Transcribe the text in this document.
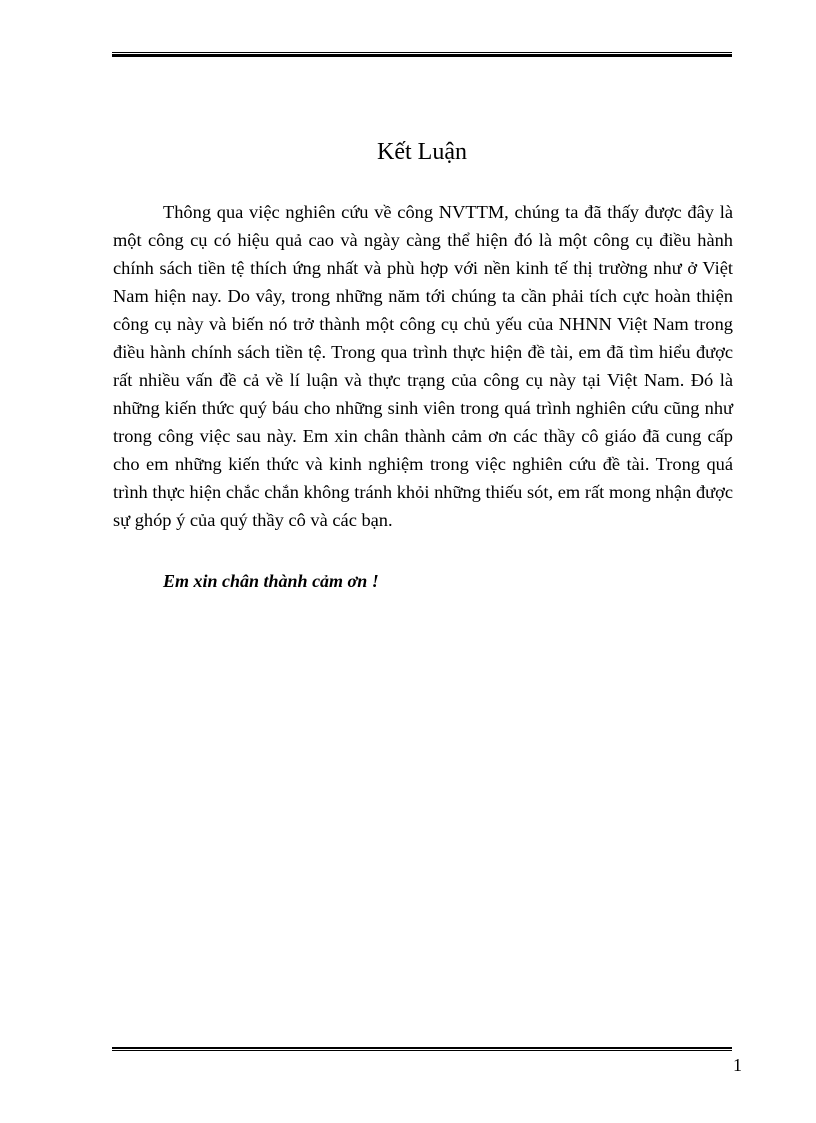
Kết Luận

Thông qua việc nghiên cứu về công NVTTM, chúng ta đã thấy được đây là một công cụ có hiệu quả cao và ngày càng thể hiện đó là một công cụ điều hành chính sách tiền tệ thích ứng nhất và phù hợp với nền kinh tế thị trường như ở Việt Nam hiện nay. Do vây, trong những năm tới chúng ta cần phải tích cực hoàn thiện công cụ này và biến nó trở thành một công cụ chủ yếu của NHNN Việt Nam trong điều hành chính sách tiền tệ. Trong qua trình thực hiện đề tài, em đã tìm hiểu được rất nhiều vấn đề cả về lí luận và thực trạng của công cụ này tại Việt Nam. Đó là những kiến thức quý báu cho những sinh viên trong quá trình nghiên cứu cũng như trong công việc sau này. Em xin chân thành cảm ơn các thầy cô giáo đã cung cấp cho em những kiến thức và kinh nghiệm trong việc nghiên cứu đề tài. Trong quá trình thực hiện chắc chắn không tránh khỏi những thiếu sót, em rất mong nhận được sự ghóp ý của quý thầy cô và các bạn.

Em xin chân thành cảm ơn !

1
